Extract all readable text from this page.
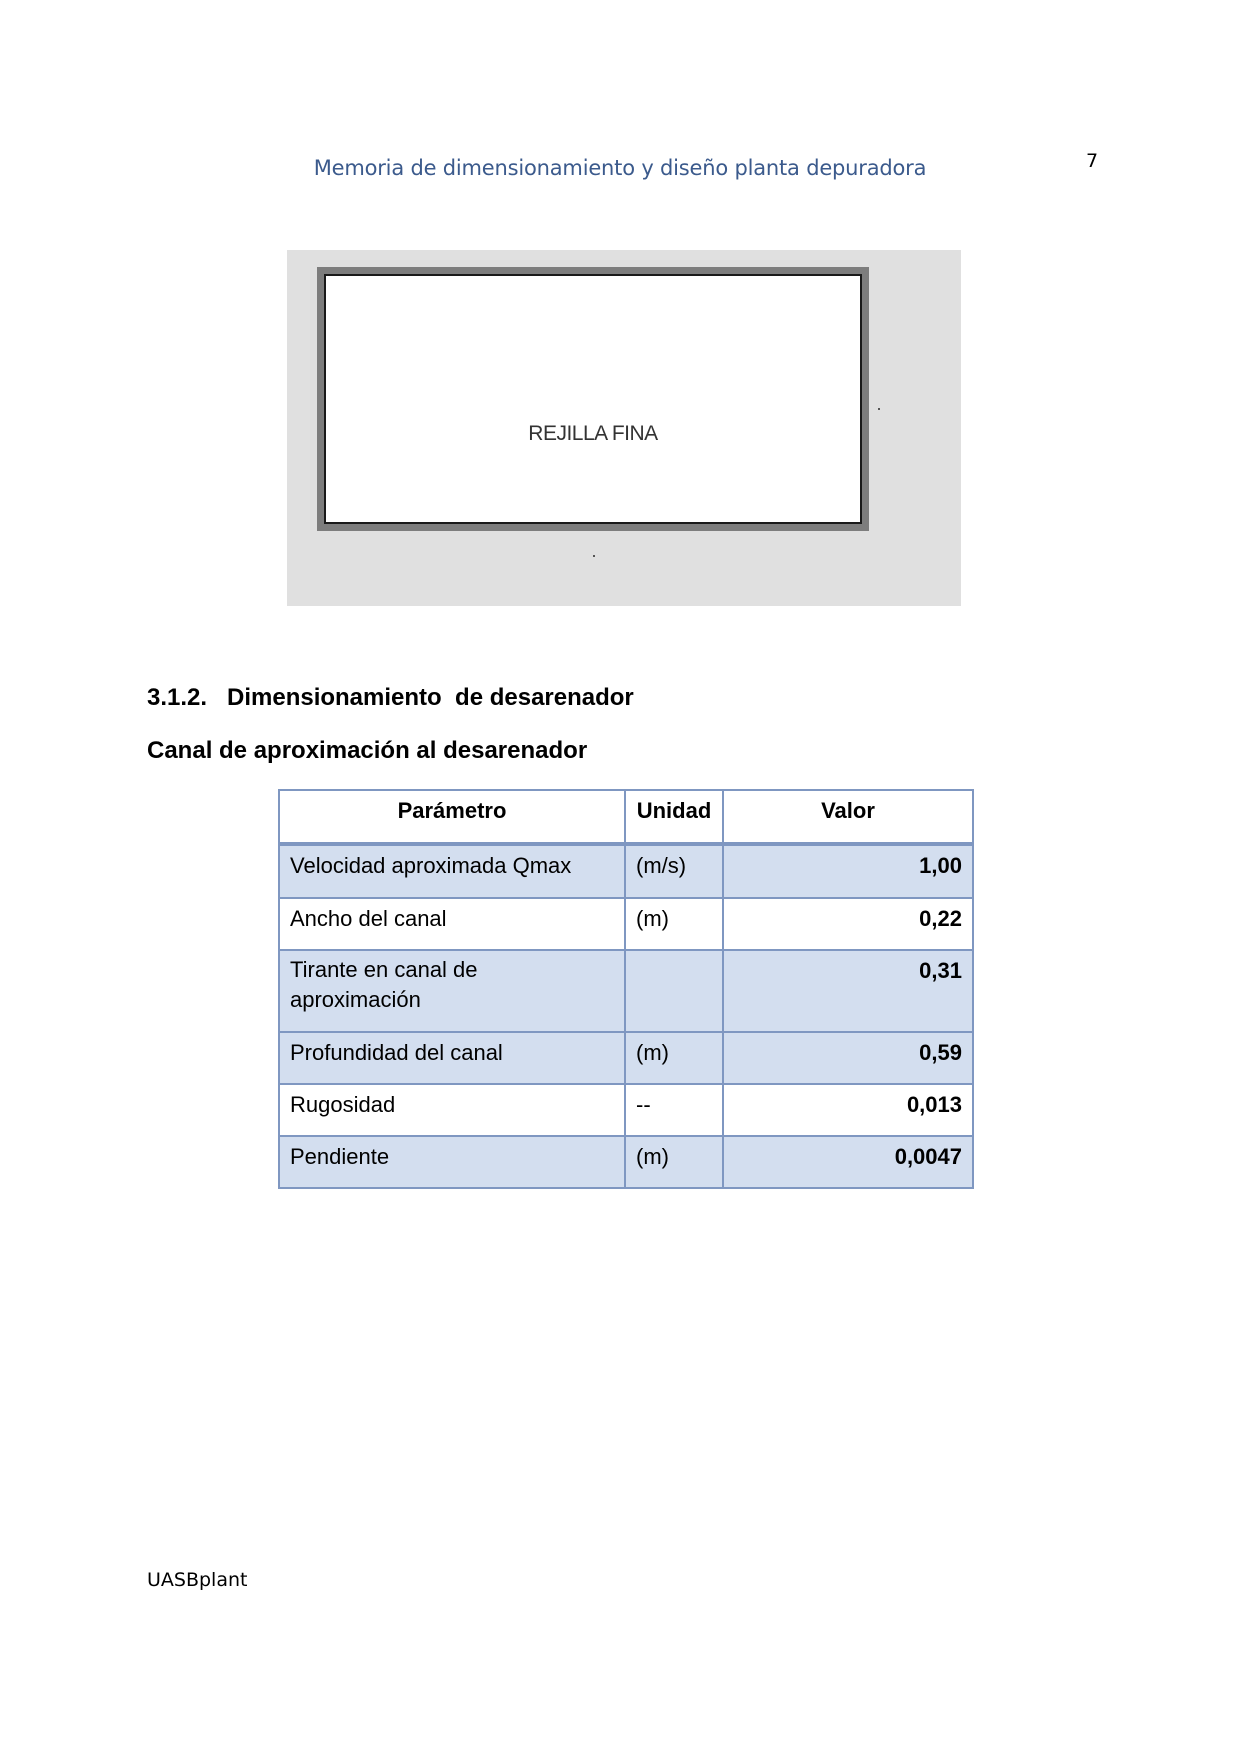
Memoria de dimensionamiento y diseño planta depuradora	7
REJILLA FINA
3.1.2. Dimensionamiento  de desarenador
Canal de aproximación al desarenador
Parámetro	Unidad	Valor
Velocidad aproximada Qmax	(m/s)	1,00
Ancho del canal	(m)	0,22
Tirante en canal de aproximación		0,31
Profundidad del canal	(m)	0,59
Rugosidad	--	0,013
Pendiente	(m)	0,0047
UASBplant
